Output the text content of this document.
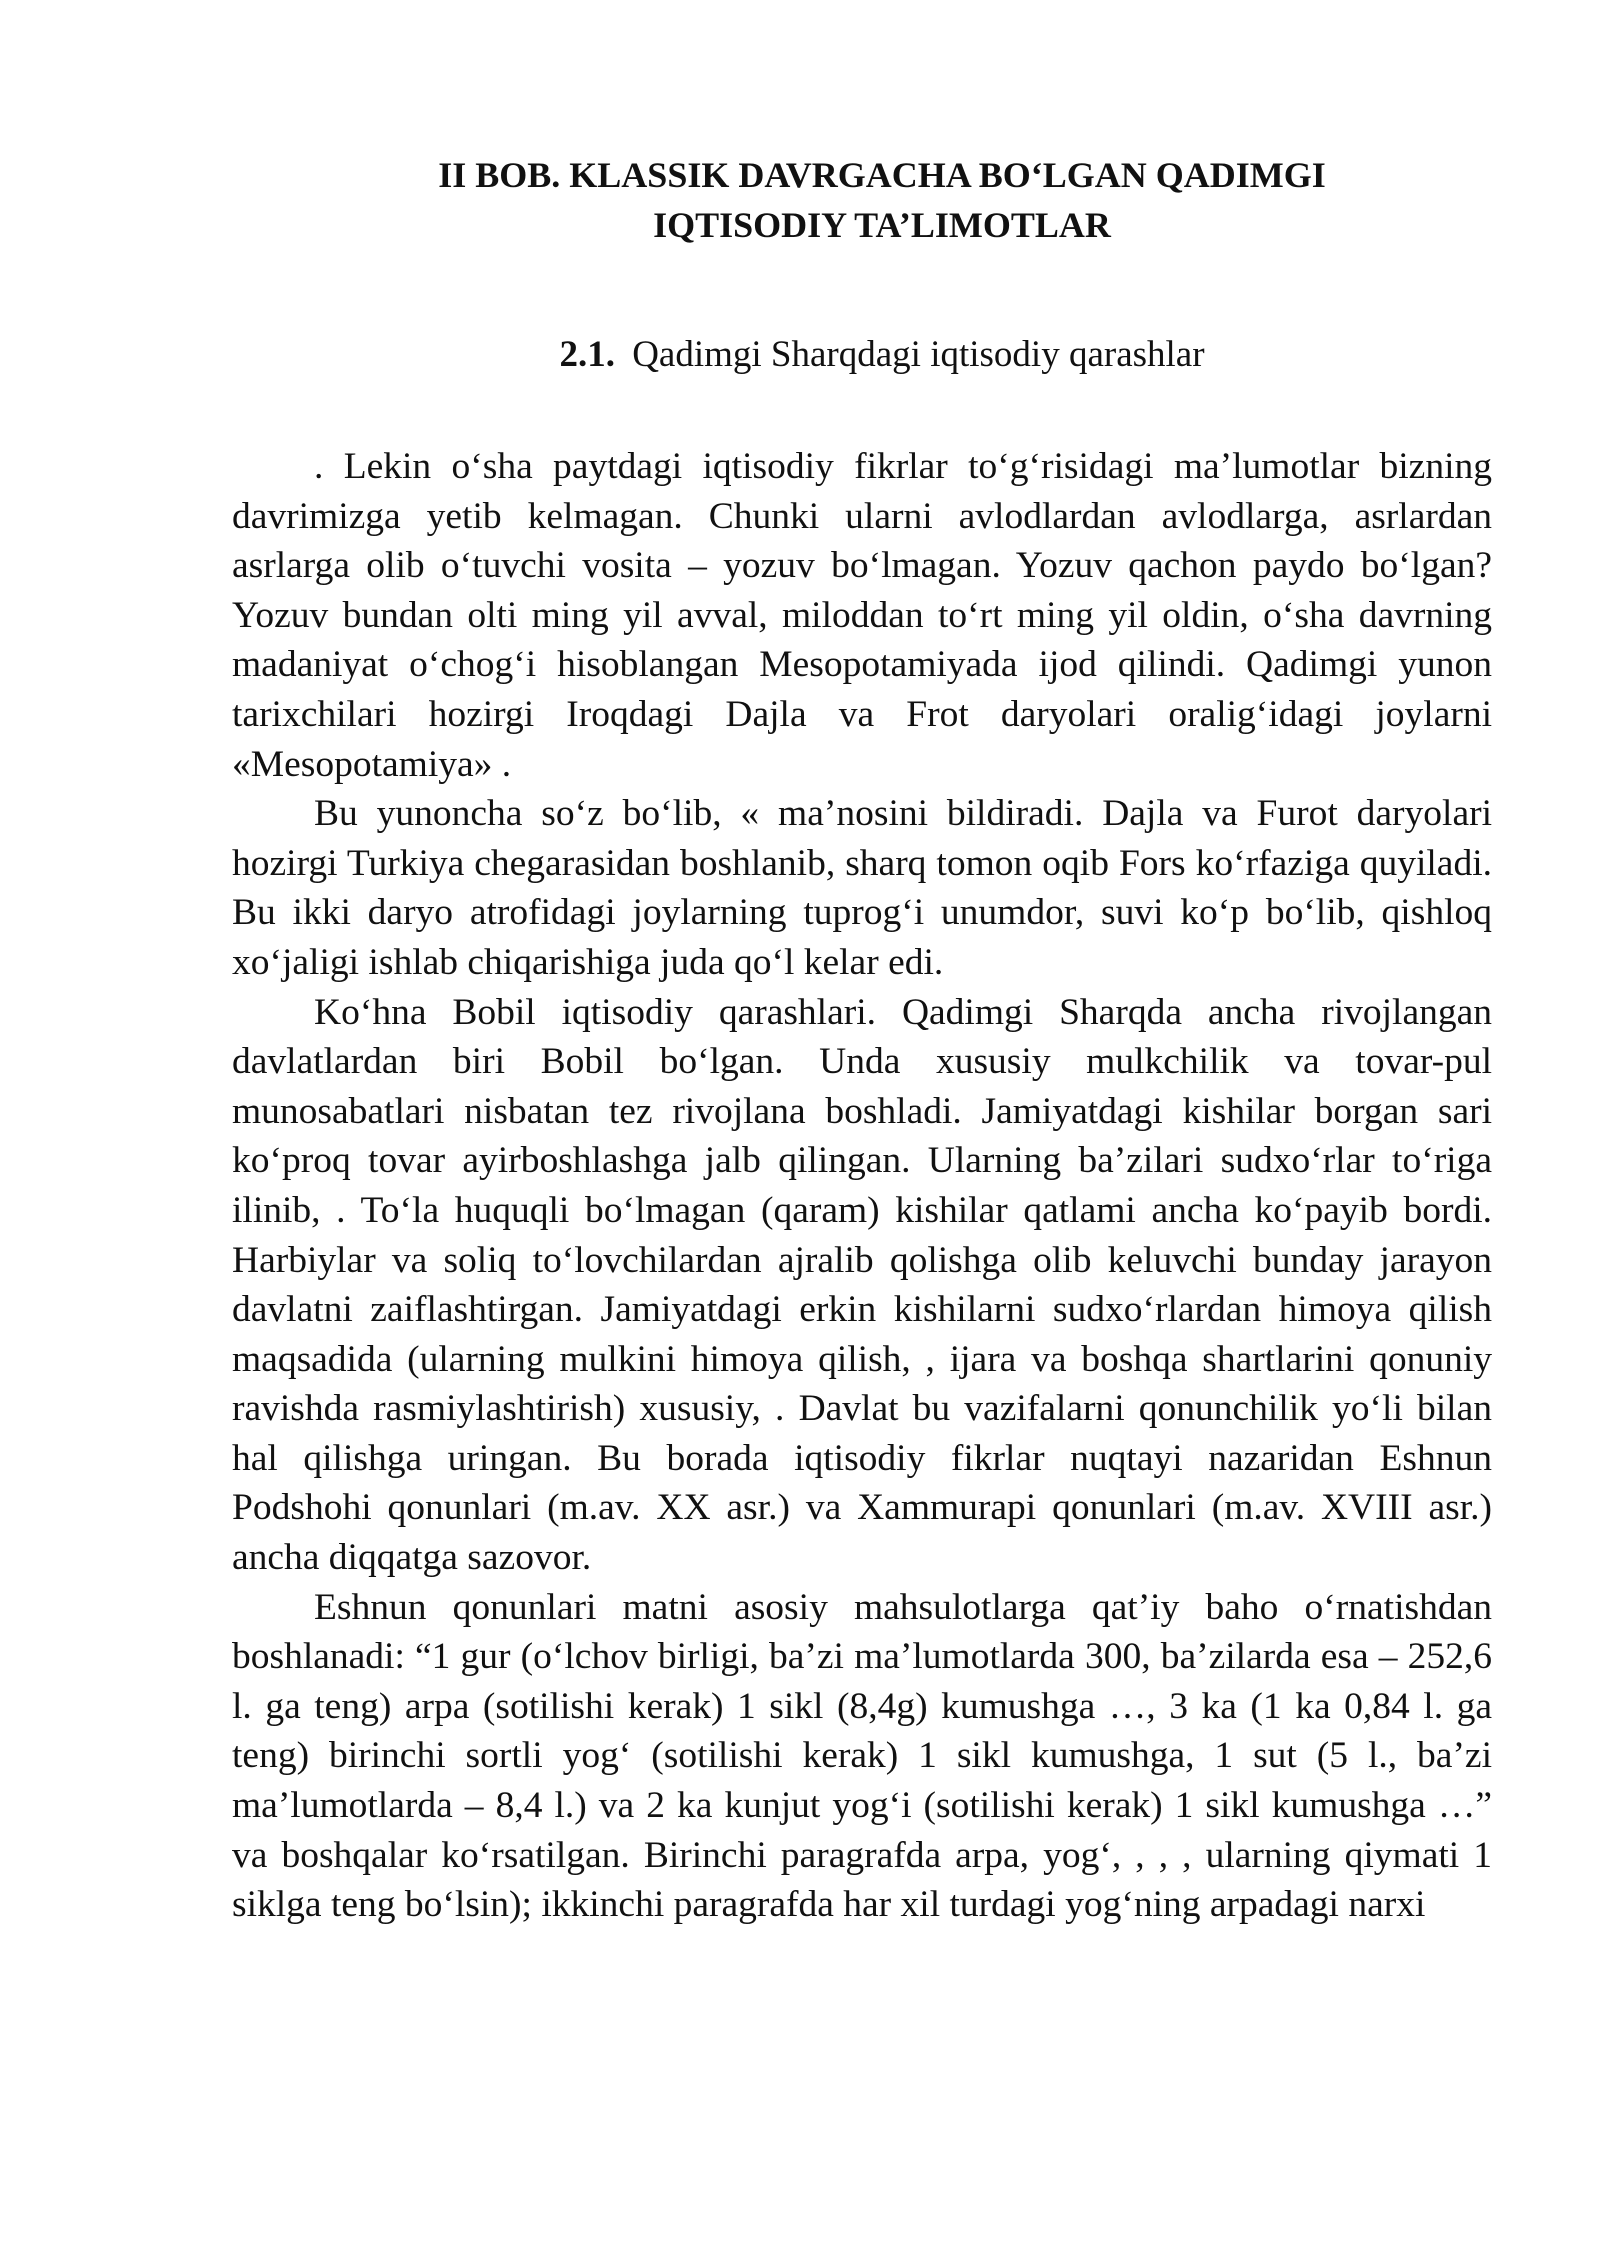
II BOB. KLASSIK DAVRGACHA BO‘LGAN QADIMGI
IQTISODIY TA’LIMOTLAR
2.1. Qadimgi Sharqdagi iqtisodiy qarashlar

. Lekin o‘sha paytdagi iqtisodiy fikrlar to‘g‘risidagi ma’lumotlar bizning davrimizga yetib kelmagan. Chunki ularni avlodlardan avlodlarga, asrlardan asrlarga olib o‘tuvchi vosita – yozuv bo‘lmagan. Yozuv qachon paydo bo‘lgan? Yozuv bundan olti ming yil avval, miloddan to‘rt ming yil oldin, o‘sha davrning madaniyat o‘chog‘i hisoblangan Mesopotamiyada ijod qilindi. Qadimgi yunon tarixchilari hozirgi Iroqdagi Dajla va Frot daryolari oralig‘idagi joylarni «Mesopotamiya» .

Bu yunoncha so‘z bo‘lib, « ma’nosini bildiradi. Dajla va Furot daryolari hozirgi Turkiya chegarasidan boshlanib, sharq tomon oqib Fors ko‘rfaziga quyiladi. Bu ikki daryo atrofidagi joylarning tuprog‘i unumdor, suvi ko‘p bo‘lib, qishloq xo‘jaligi ishlab chiqarishiga juda qo‘l kelar edi.

Ko‘hna Bobil iqtisodiy qarashlari. Qadimgi Sharqda ancha rivojlangan davlatlardan biri Bobil bo‘lgan. Unda xususiy mulkchilik va tovar-pul munosabatlari nisbatan tez rivojlana boshladi. Jamiyatdagi kishilar borgan sari ko‘proq tovar ayirboshlashga jalb qilingan. Ularning ba’zilari sudxo‘rlar to‘riga ilinib, . To‘la huquqli bo‘lmagan (qaram) kishilar qatlami ancha ko‘payib bordi. Harbiylar va soliq to‘lovchilardan ajralib qolishga olib keluvchi bunday jarayon davlatni zaiflashtirgan. Jamiyatdagi erkin kishilarni sudxo‘rlardan himoya qilish maqsadida (ularning mulkini himoya qilish, , ijara va boshqa shartlarini qonuniy ravishda rasmiylashtirish) xususiy, . Davlat bu vazifalarni qonunchilik yo‘li bilan hal qilishga uringan. Bu borada iqtisodiy fikrlar nuqtayi nazaridan Eshnun Podshohi qonunlari (m.av. XX asr.) va Xammurapi qonunlari (m.av. XVIII asr.) ancha diqqatga sazovor.

Eshnun qonunlari matni asosiy mahsulotlarga qat’iy baho o‘rnatishdan boshlanadi: “1 gur (o‘lchov birligi, ba’zi ma’lumotlarda 300, ba’zilarda esa – 252,6 l. ga teng) arpa (sotilishi kerak) 1 sikl (8,4g) kumushga …, 3 ka (1 ka 0,84 l. ga teng) birinchi sortli yog‘ (sotilishi kerak) 1 sikl kumushga, 1 sut (5 l., ba’zi ma’lumotlarda – 8,4 l.) va 2 ka kunjut yog‘i (sotilishi kerak) 1 sikl kumushga …” va boshqalar ko‘rsatilgan. Birinchi paragrafda arpa, yog‘, , , , ularning qiymati 1 siklga teng bo‘lsin); ikkinchi paragrafda har xil turdagi yog‘ning arpadagi narxi
